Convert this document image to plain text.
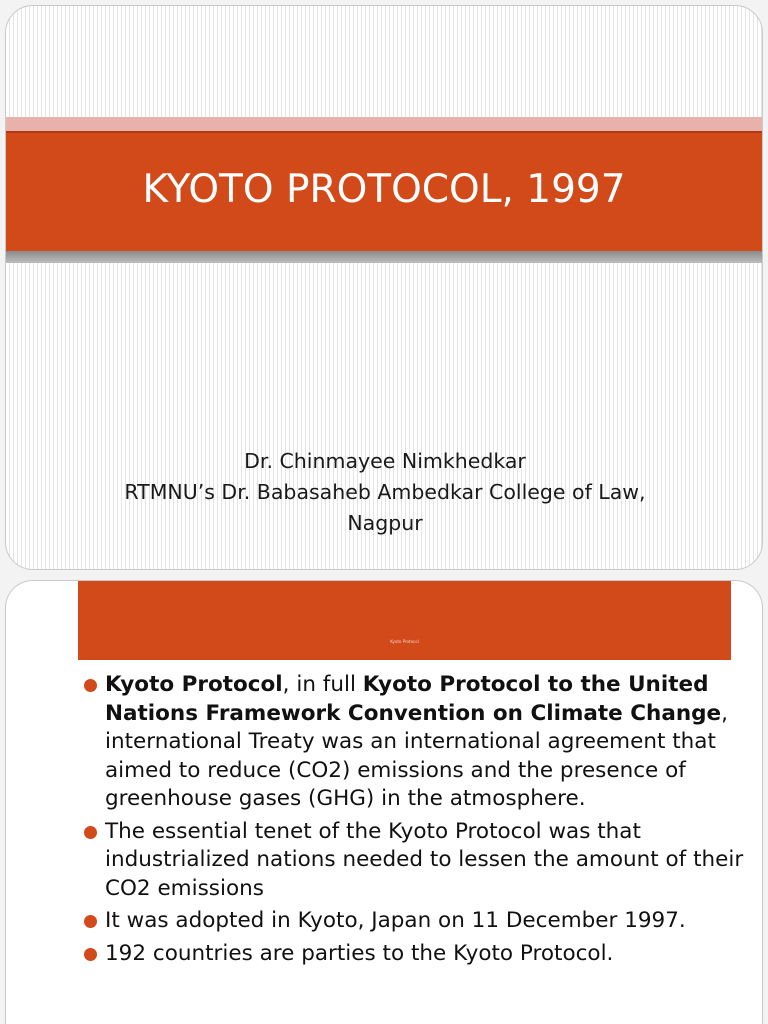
KYOTO PROTOCOL, 1997
Dr. Chinmayee Nimkhedkar
RTMNU’s Dr. Babasaheb Ambedkar College of Law,
Nagpur
Kyoto Protocol
Kyoto Protocol, in full Kyoto Protocol to the United Nations Framework Convention on Climate Change, international Treaty was an international agreement that aimed to reduce (CO2) emissions and the presence of greenhouse gases (GHG) in the atmosphere.
The essential tenet of the Kyoto Protocol was that industrialized nations needed to lessen the amount of their CO2 emissions
It was adopted in Kyoto, Japan on 11 December 1997.
192 countries are parties to the Kyoto Protocol.
